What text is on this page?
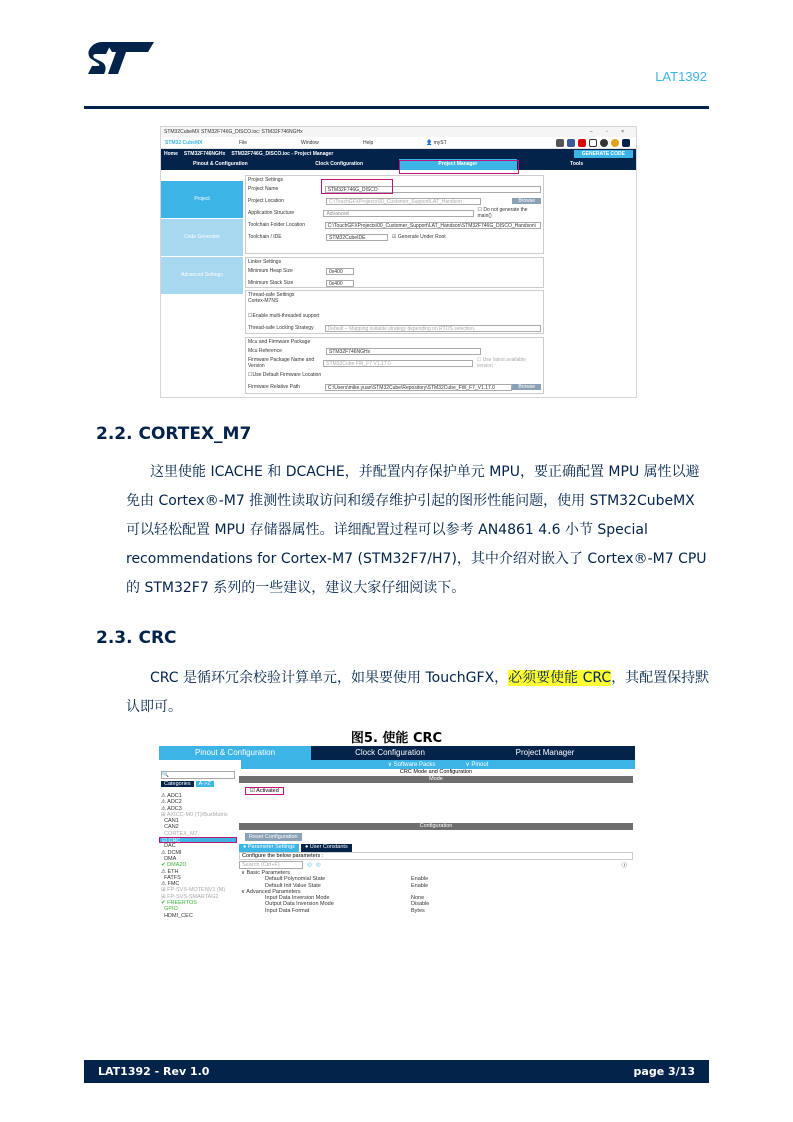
LAT1392
STM32CubeMX STM32F746G_DISCO.ioc: STM32F746NGHx	– ▫ ×
STM32 CubeMX	File	Window	Help	👤 myST
Home STM32F746NGHx STM32F746G_DISCO.ioc - Project Manager	GENERATE CODE
Pinout & Configuration	Clock Configuration	Project Manager	Tools
Project
Code Generator
Advanced Settings
Project Settings
Project Name	STM32F746G_DISCO
Project Location	C:\TouchGFXProjects\00_Customer_Support\LAT_Handson	Browse
Application Structure	Advanced
☐ Do not generate the main()
Toolchain Folder Location	C:\TouchGFXProjects\00_Customer_Support\LAT_Handson\STM32F746G_DISCO_Handson\
Toolchain / IDE	STM32CubeIDE	☑ Generate Under Root
Linker Settings
Minimum Heap Size	0x400
Minimum Stack Size	0x400
Thread-safe Settings
Cortex-M7NS
☐ Enable multi-threaded support
Thread-safe Locking Strategy	Default – Mapping suitable strategy depending on RTOS selection.
Mcu and Firmware Package
Mcu Reference	STM32F746NGHx
Firmware Package Name and Version	STM32Cube FW_F7 V1.17.0
☐ Use latest available version
☐ Use Default Firmware Location
Firmware Relative Path	C:\Users\mike.yuan\STM32Cube\Repository\STM32Cube_FW_F7_V1.17.0	Browse
2.2. CORTEX_M7

这里使能 ICACHE 和 DCACHE，并配置内存保护单元 MPU，要正确配置 MPU 属性以避免由 Cortex®-M7 推测性读取访问和缓存维护引起的图形性能问题，使用 STM32CubeMX 可以轻松配置 MPU 存储器属性。详细配置过程可以参考 AN4861 4.6 小节 Special recommendations for Cortex-M7 (STM32F7/H7)，其中介绍对嵌入了 Cortex®-M7 CPU 的 STM32F7 系列的一些建议，建议大家仔细阅读下。

2.3. CRC

CRC 是循环冗余校验计算单元，如果要使用 TouchGFX，必须要使能 CRC，其配置保持默认即可。

图5. 使能 CRC
Pinout & Configuration	Clock Configuration	Project Manager
∨ Software Packs	∨ Pinout
🔍
Categories	A->Z
⚠ ADC1
⚠ ADC2
⚠ ADC3
⊞ AXICC-M0 (T)/BusMatrix
CAN1
CAN2
CORTEX_M7
☑ CRC
DAC
⚠ DCMI
DMA
✔ DMA2D
⚠ ETH
FATFS
⚠ FMC
⊞ FP-SVS-MOTENV1 (M)
⊞ FP-SVS-SMARTAG2
✔ FREERTOS
GPIO
HDMI_CEC
CRC Mode and Configuration
Mode
☑ Activated
Configuration
Reset Configuration
● Parameter Settings	● User Constants
Configure the below parameters :
Search (Ctrl+F)	◎ ◎	ⓘ
∨ Basic Parameters
Default Polynomial State	Enable
Default Init Value State	Enable
∨ Advanced Parameters
Input Data Inversion Mode	None
Output Data Inversion Mode	Disable
Input Data Format	Bytes
LAT1392 - Rev 1.0	page 3/13
